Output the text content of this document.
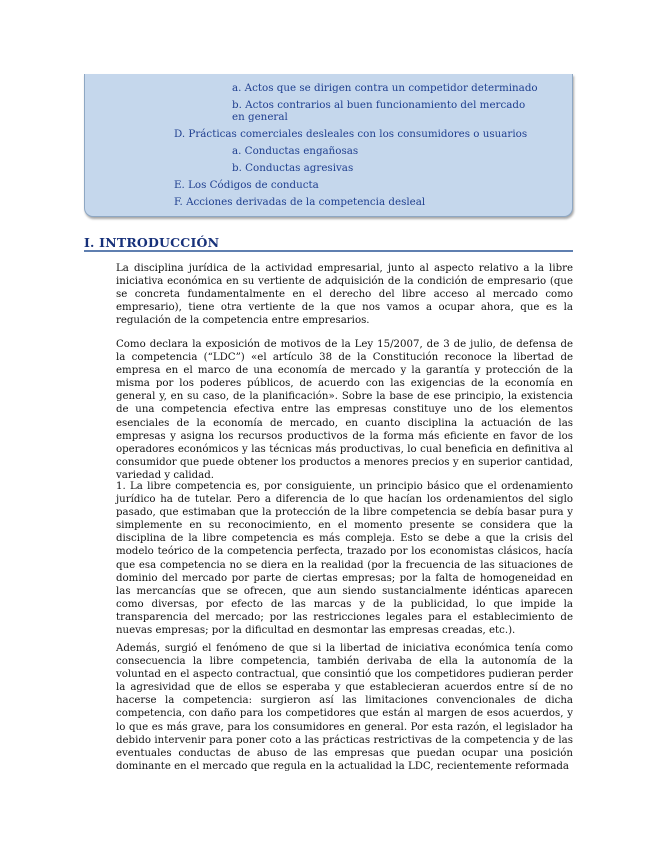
a. Actos que se dirigen contra un competidor determinado
b. Actos contrarios al buen funcionamiento del mercado en general
D. Prácticas comerciales desleales con los consumidores o usuarios
a. Conductas engañosas
b. Conductas agresivas
E. Los Códigos de conducta
F. Acciones derivadas de la competencia desleal
I. INTRODUCCIÓN

La disciplina jurídica de la actividad empresarial, junto al aspecto relativo a la libre iniciativa económica en su vertiente de adquisición de la condición de empresario (que se concreta fundamentalmente en el derecho del libre acceso al mercado como empresario), tiene otra vertiente de la que nos vamos a ocupar ahora, que es la regulación de la competencia entre empresarios.

Como declara la exposición de motivos de la Ley 15/2007, de 3 de julio, de defensa de la competencia (“LDC”) «el artículo 38 de la Constitución reconoce la libertad de empresa en el marco de una economía de mercado y la garantía y protección de la misma por los poderes públicos, de acuerdo con las exigencias de la economía en general y, en su caso, de la planificación». Sobre la base de ese principio, la existencia de una competencia efectiva entre las empresas constituye uno de los elementos esenciales de la economía de mercado, en cuanto disciplina la actuación de las empresas y asigna los recursos productivos de la forma más eficiente en favor de los operadores económicos y las técnicas más productivas, lo cual beneficia en definitiva al consumidor que puede obtener los productos a menores precios y en superior cantidad, variedad y calidad.

1. La libre competencia es, por consiguiente, un principio básico que el ordenamiento jurídico ha de tutelar. Pero a diferencia de lo que hacían los ordenamientos del siglo pasado, que estimaban que la protección de la libre competencia se debía basar pura y simplemente en su reconocimiento, en el momento presente se considera que la disciplina de la libre competencia es más compleja. Esto se debe a que la crisis del modelo teórico de la competencia perfecta, trazado por los economistas clásicos, hacía que esa competencia no se diera en la realidad (por la frecuencia de las situaciones de dominio del mercado por parte de ciertas empresas; por la falta de homogeneidad en las mercancías que se ofrecen, que aun siendo sustancialmente idénticas aparecen como diversas, por efecto de las marcas y de la publicidad, lo que impide la transparencia del mercado; por las restricciones legales para el establecimiento de nuevas empresas; por la dificultad en desmontar las empresas creadas, etc.).

Además, surgió el fenómeno de que si la libertad de iniciativa económica tenía como consecuencia la libre competencia, también derivaba de ella la autonomía de la voluntad en el aspecto contractual, que consintió que los competidores pudieran perder la agresividad que de ellos se esperaba y que establecieran acuerdos entre sí de no hacerse la competencia: surgieron así las limitaciones convencionales de dicha competencia, con daño para los competidores que están al margen de esos acuerdos, y lo que es más grave, para los consumidores en general. Por esta razón, el legislador ha debido intervenir para poner coto a las prácticas restrictivas de la competencia y de las eventuales conductas de abuso de las empresas que puedan ocupar una posición dominante en el mercado que regula en la actualidad la LDC, recientemente reformada
